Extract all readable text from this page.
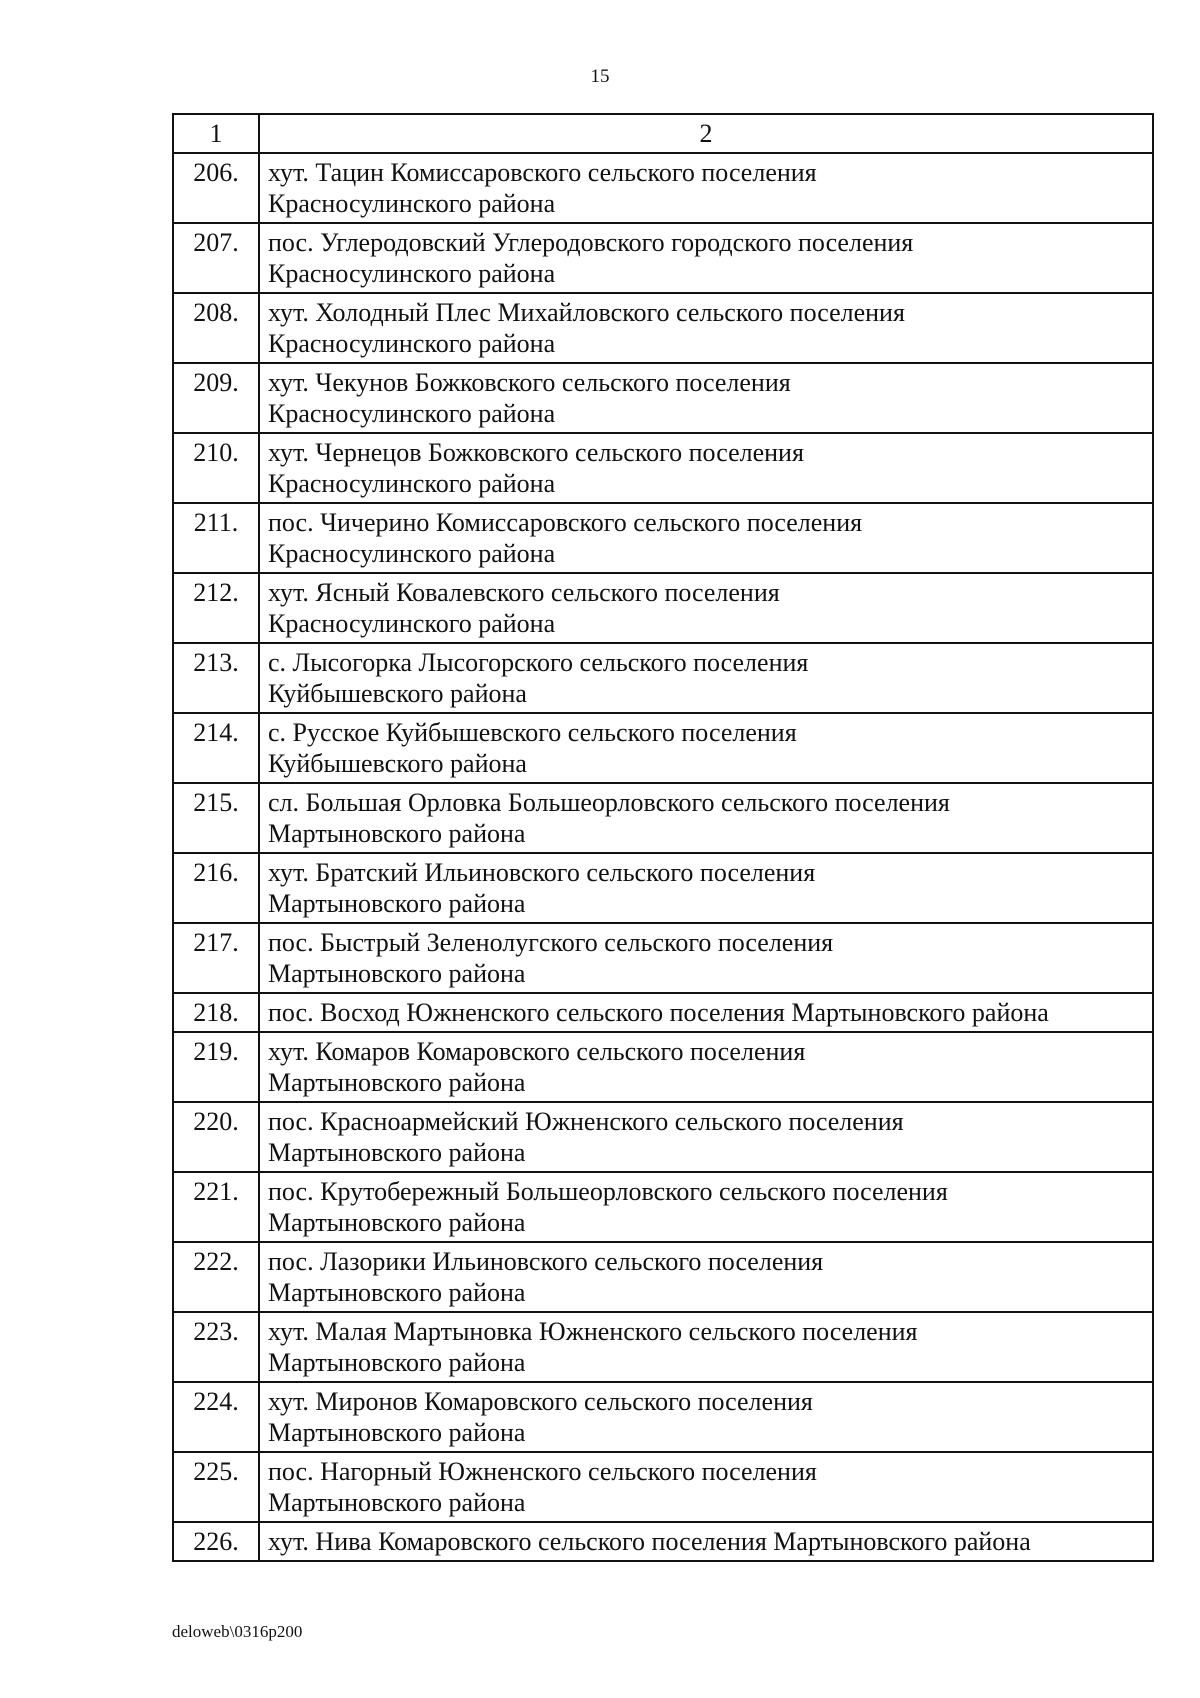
15
1	2
206.	хут. Тацин Комиссаровского сельского поселения
Красносулинского района
207.	пос. Углеродовский Углеродовского городского поселения
Красносулинского района
208.	хут. Холодный Плес Михайловского сельского поселения
Красносулинского района
209.	хут. Чекунов Божковского сельского поселения
Красносулинского района
210.	хут. Чернецов Божковского сельского поселения
Красносулинского района
211.	пос. Чичерино Комиссаровского сельского поселения
Красносулинского района
212.	хут. Ясный Ковалевского сельского поселения
Красносулинского района
213.	с. Лысогорка Лысогорского сельского поселения
Куйбышевского района
214.	с. Русское Куйбышевского сельского поселения
Куйбышевского района
215.	сл. Большая Орловка Большеорловского сельского поселения
Мартыновского района
216.	хут. Братский Ильиновского сельского поселения
Мартыновского района
217.	пос. Быстрый Зеленолугского сельского поселения
Мартыновского района
218.	пос. Восход Южненского сельского поселения Мартыновского района
219.	хут. Комаров Комаровского сельского поселения
Мартыновского района
220.	пос. Красноармейский Южненского сельского поселения
Мартыновского района
221.	пос. Крутобережный Большеорловского сельского поселения
Мартыновского района
222.	пос. Лазорики Ильиновского сельского поселения
Мартыновского района
223.	хут. Малая Мартыновка Южненского сельского поселения
Мартыновского района
224.	хут. Миронов Комаровского сельского поселения
Мартыновского района
225.	пос. Нагорный Южненского сельского поселения
Мартыновского района
226.	хут. Нива Комаровского сельского поселения Мартыновского района
deloweb\0316p200
